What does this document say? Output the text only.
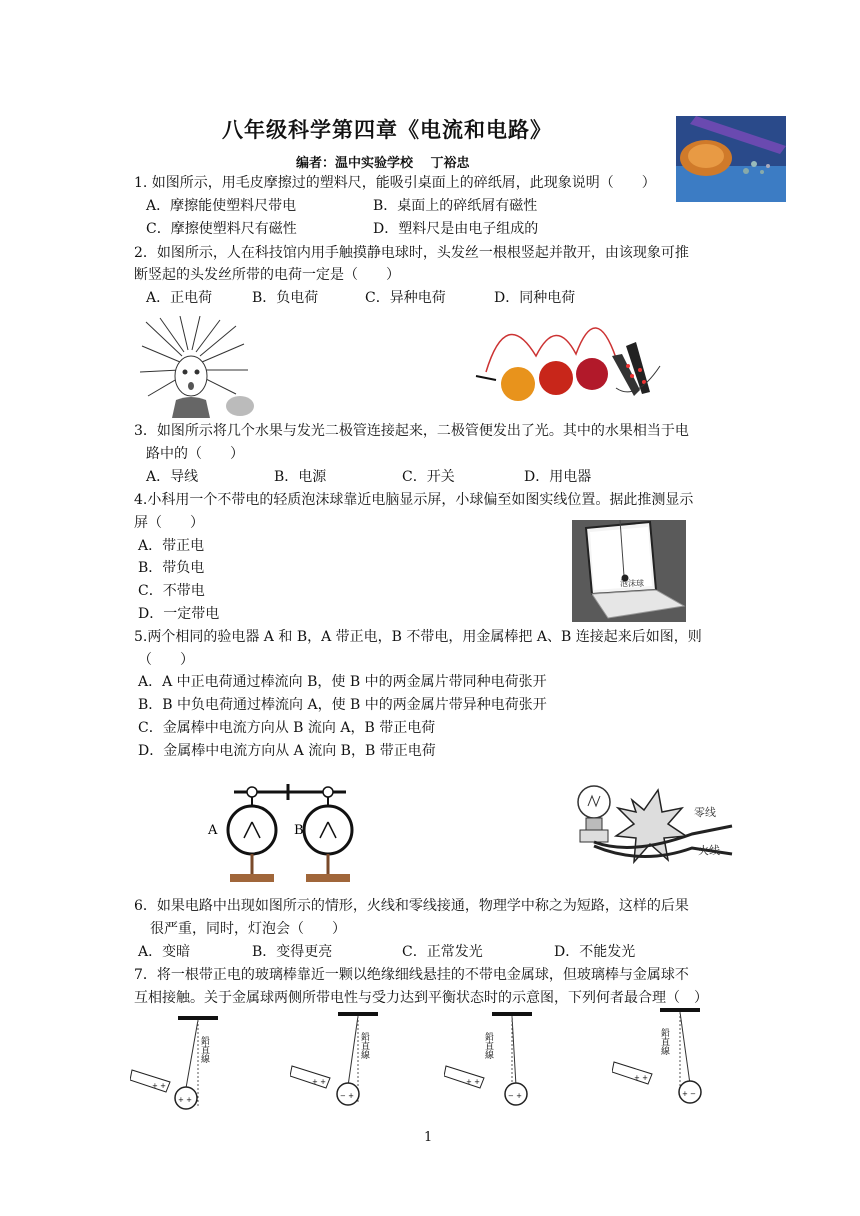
八年级科学第四章《电流和电路》
编者：温中实验学校　 丁裕忠
1. 如图所示，用毛皮摩擦过的塑料尺，能吸引桌面上的碎纸屑，此现象说明（　　）
A．摩擦能使塑料尺带电	B．桌面上的碎纸屑有磁性
C．摩擦使塑料尺有磁性	D．塑料尺是由电子组成的
2．如图所示，人在科技馆内用手触摸静电球时，头发丝一根根竖起并散开，由该现象可推
断竖起的头发丝所带的电荷一定是（　　）
A．正电荷	B．负电荷	C．异种电荷	D．同种电荷
3．如图所示将几个水果与发光二极管连接起来，二极管便发出了光。其中的水果相当于电
路中的（　　）
A．导线	B．电源	C．开关	D．用电器
4.小科用一个不带电的轻质泡沫球靠近电脑显示屏，小球偏至如图实线位置。据此推测显示
屏（　　）
A．带正电
B．带负电
C．不带电
D．一定带电
泡沫球
5.两个相同的验电器 A 和 B，A 带正电，B 不带电，用金属棒把 A、B 连接起来后如图，则
（　　）
A．A 中正电荷通过棒流向 B，使 B 中的两金属片带同种电荷张开
B．B 中负电荷通过棒流向 A，使 B 中的两金属片带异种电荷张开
C．金属棒中电流方向从 B 流向 A，B 带正电荷
D．金属棒中电流方向从 A 流向 B，B 带正电荷
A	B
零线
火线
6．如果电路中出现如图所示的情形，火线和零线接通，物理学中称之为短路，这样的后果
很严重，同时，灯泡会（　　）
A．变暗	B．变得更亮	C．正常发光	D．不能发光
7．将一根带正电的玻璃棒靠近一颗以绝缘细线悬挂的不带电金属球，但玻璃棒与金属球不
互相接触。关于金属球两侧所带电性与受力达到平衡状态时的示意图，下列何者最合理（　）
鉛直線
+ +
+ +
鉛直線
− +
+ +
鉛直線
− +
+ +
鉛直線
+ −
+ +
1
